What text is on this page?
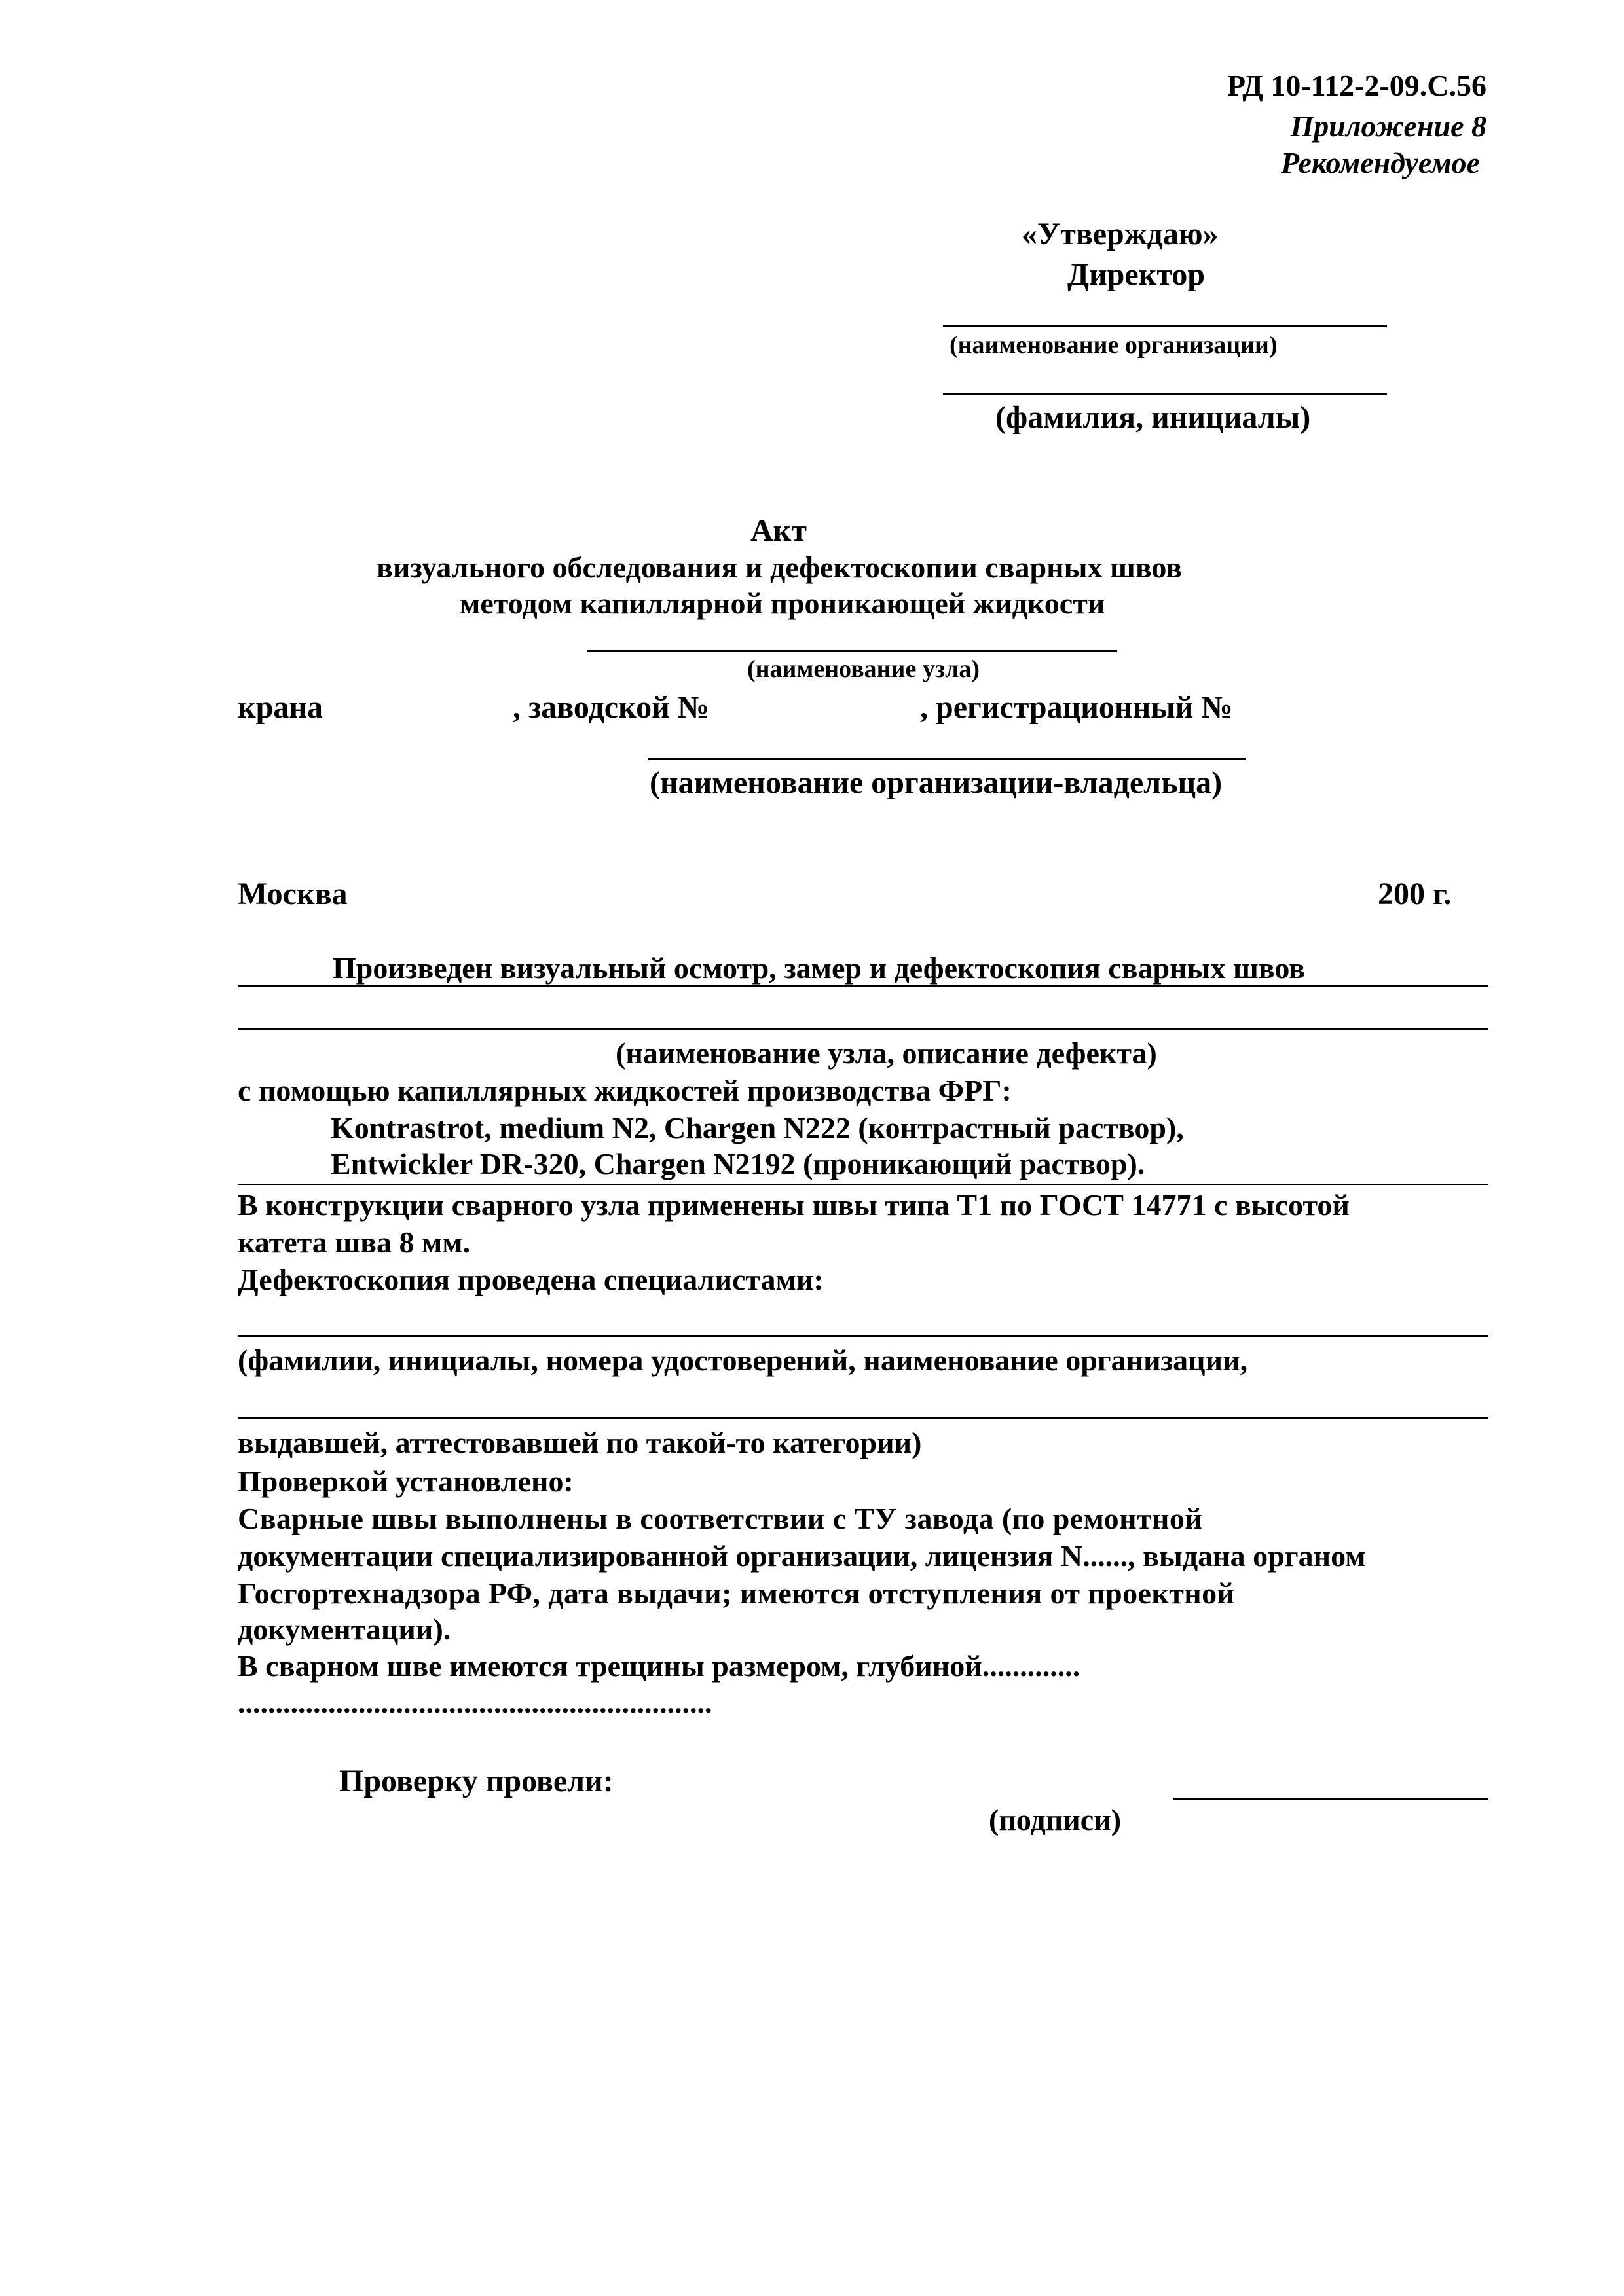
РД 10-112-2-09.С.56
Приложение 8
Рекомендуемое
«Утверждаю»
Директор
(наименование организации)
(фамилия, инициалы)
Акт
визуального обследования и дефектоскопии сварных швов
методом капиллярной проникающей жидкости
(наименование узла)
крана	, заводской №	, регистрационный №
(наименование организации-владельца)
Москва	200 г.
Произведен визуальный осмотр, замер и дефектоскопия сварных швов
(наименование узла, описание дефекта)
с помощью капиллярных жидкостей производства ФРГ:
Kontrastrot, medium N2, Chargen N222 (контрастный раствор),
Entwickler DR-320, Chargen N2192 (проникающий раствор).
В конструкции сварного узла применены швы типа Т1 по ГОСТ 14771 с высотой
катета шва 8 мм.
Дефектоскопия проведена специалистами:
(фамилии, инициалы, номера удостоверений, наименование организации,
выдавшей, аттестовавшей по такой-то категории)
Проверкой установлено:
Сварные швы выполнены в соответствии с ТУ завода (по ремонтной
документации специализированной организации, лицензия N......, выдана органом
Госгортехнадзора РФ, дата выдачи; имеются отступления от проектной
документации).
В сварном шве имеются трещины размером, глубиной.............
...............................................................
Проверку провели:
(подписи)
